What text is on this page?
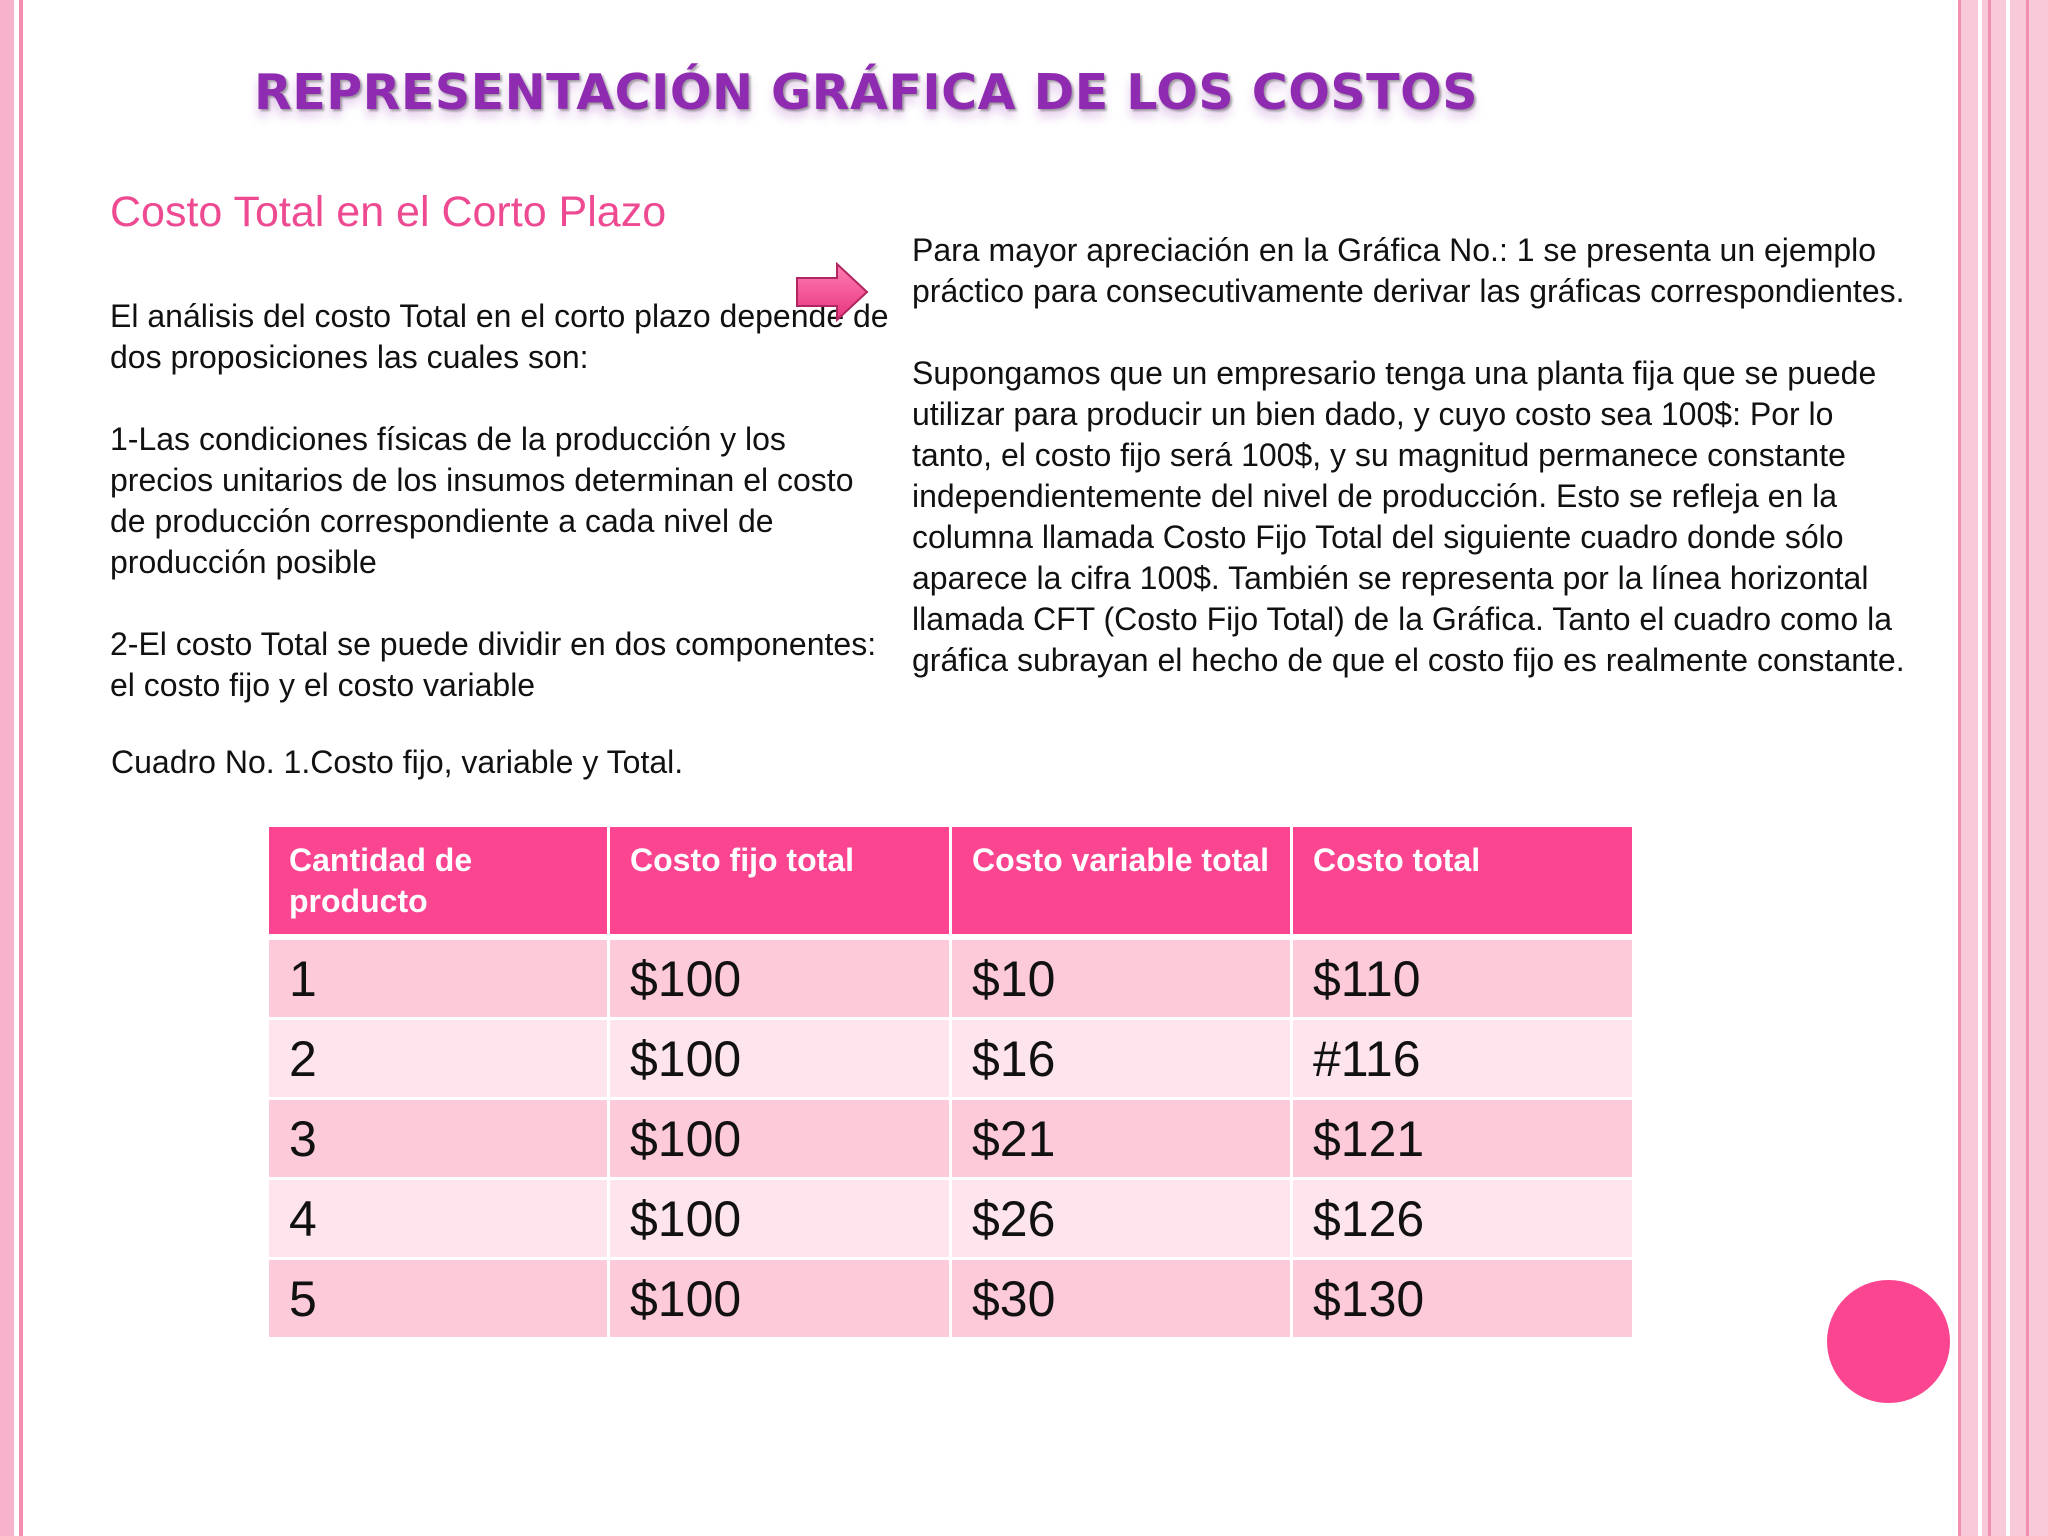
REPRESENTACIÓN GRÁFICA DE LOS COSTOS
Costo Total en el Corto Plazo

El análisis del costo Total en el corto plazo depende de dos proposiciones las cuales son:

1-Las condiciones físicas de la producción y los precios unitarios de los insumos determinan el costo de producción correspondiente a cada nivel de producción posible

2-El costo Total se puede dividir en dos componentes: el costo fijo y el costo variable

Cuadro No. 1.Costo fijo, variable y Total.

Para mayor apreciación en la Gráfica No.: 1 se presenta un ejemplo práctico para consecutivamente derivar las gráficas correspondientes.

Supongamos que un empresario tenga una planta fija que se puede utilizar para producir un bien dado, y cuyo costo sea 100$: Por lo tanto, el costo fijo será 100$, y su magnitud permanece constante independientemente del nivel de producción. Esto se refleja en la columna llamada Costo Fijo Total del siguiente cuadro donde sólo aparece la cifra 100$. También se representa por la línea horizontal llamada CFT (Costo Fijo Total) de la Gráfica. Tanto el cuadro como la gráfica subrayan el hecho de que el costo fijo es realmente constante.

Cantidad de producto	Costo fijo total	Costo variable total	Costo total
1	$100	$10	$110
2	$100	$16	#116
3	$100	$21	$121
4	$100	$26	$126
5	$100	$30	$130
